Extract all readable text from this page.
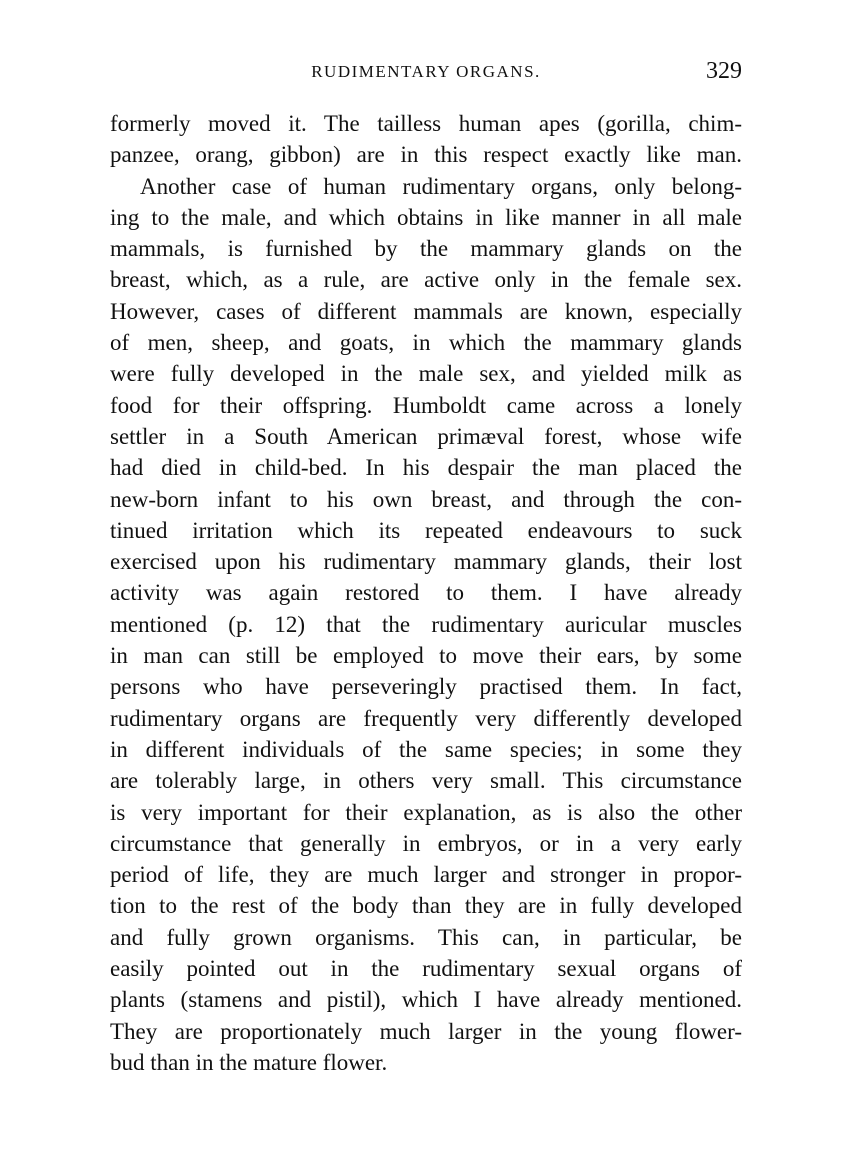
RUDIMENTARY ORGANS.	329
formerly moved it. The tailless human apes (gorilla, chim-
panzee, orang, gibbon) are in this respect exactly like man.
Another case of human rudimentary organs, only belong-
ing to the male, and which obtains in like manner in all male
mammals, is furnished by the mammary glands on the
breast, which, as a rule, are active only in the female sex.
However, cases of different mammals are known, especially
of men, sheep, and goats, in which the mammary glands
were fully developed in the male sex, and yielded milk as
food for their offspring. Humboldt came across a lonely
settler in a South American primæval forest, whose wife
had died in child-bed. In his despair the man placed the
new-born infant to his own breast, and through the con-
tinued irritation which its repeated endeavours to suck
exercised upon his rudimentary mammary glands, their lost
activity was again restored to them. I have already
mentioned (p. 12) that the rudimentary auricular muscles
in man can still be employed to move their ears, by some
persons who have perseveringly practised them. In fact,
rudimentary organs are frequently very differently developed
in different individuals of the same species; in some they
are tolerably large, in others very small. This circumstance
is very important for their explanation, as is also the other
circumstance that generally in embryos, or in a very early
period of life, they are much larger and stronger in propor-
tion to the rest of the body than they are in fully developed
and fully grown organisms. This can, in particular, be
easily pointed out in the rudimentary sexual organs of
plants (stamens and pistil), which I have already mentioned.
They are proportionately much larger in the young flower-
bud than in the mature flower.
